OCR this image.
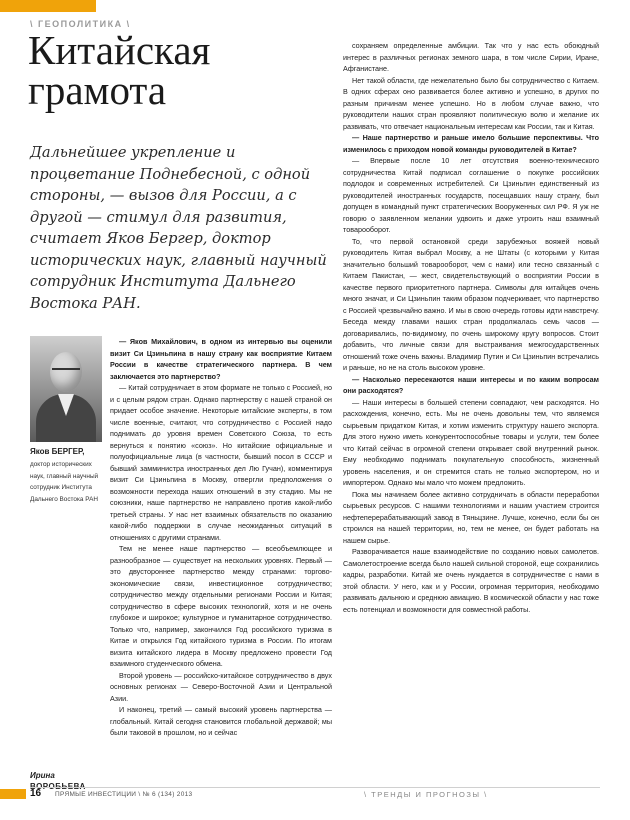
\ ГЕОПОЛИТИКА \
Китайская
грамота
Дальнейшее укрепление и процветание Поднебесной, с одной стороны, — вызов для России, а с другой — стимул для развития, считает Яков Бергер, доктор исторических наук, главный научный сотрудник Института Дальнего Востока РАН.
Яков БЕРГЕР,
доктор исторических наук, главный научный сотрудник Института Дальнего Востока РАН
Ирина

— Яков Михайлович, в одном из интервью вы оценили визит Си Цзиньпина в нашу страну как восприятие Китаем России в качестве стратегического партнера. В чем заключается это партнерство?

— Китай сотрудничает в этом формате не только с Россией, но и с целым рядом стран. Однако партнерству с нашей страной он придает особое значение. Некоторые китайские эксперты, в том числе военные, считают, что сотрудничество с Россией надо поднимать до уровня времен Советского Союза, то есть вернуться к понятию «союз». Но китайские официальные и полуофициальные лица (в частности, бывший посол в СССР и бывший замминистра иностранных дел Лю Гучан), комментируя визит Си Цзиньпина в Москву, отвергли предположения о возможности перехода наших отношений в эту стадию. Мы не союзники, наше партнерство не направлено против какой-либо третьей страны. У нас нет взаимных обязательств по оказанию какой-либо поддержки в случае неожиданных ситуаций в отношениях с другими странами.

Тем не менее наше партнерство — всеобъемлющее и разнообразное — существует на нескольких уровнях. Первый — это двустороннее партнерство между странами: торгово-экономические связи, инвестиционное сотрудничество; сотрудничество между отдельными регионами России и Китая; сотрудничество в сфере высоких технологий, хотя и не очень глубокое и широкое; культурное и гуманитарное сотрудничество. Только что, например, закончился Год российского туризма в Китае и открылся Год китайского туризма в России. По итогам визита китайского лидера в Москву предложено провести Год взаимного студенческого обмена.

Второй уровень — российско-китайское сотрудничество в двух основных регионах — Северо-Восточной Азии и Центральной Азии.

И наконец, третий — самый высокий уровень партнерства — глобальный. Китай сегодня становится глобальной державой; мы были таковой в прошлом, но и сейчас

сохраняем определенные амбиции. Так что у нас есть обоюдный интерес в различных регионах земного шара, в том числе Сирии, Иране, Афганистане.

Нет такой области, где нежелательно было бы сотрудничество с Китаем. В одних сферах оно развивается более активно и успешно, в других по разным причинам менее успешно. Но в любом случае важно, что руководители наших стран проявляют политическую волю и желание их развивать, что отвечает национальным интересам как России, так и Китая.

— Наше партнерство и раньше имело большие перспективы. Что изменилось с приходом новой команды руководителей в Китае?

— Впервые после 10 лет отсутствия военно-технического сотрудничества Китай подписал соглашение о покупке российских подлодок и современных истребителей. Си Цзиньпин единственный из руководителей иностранных государств, посещавших нашу страну, был допущен в командный пункт стратегических Вооруженных сил РФ. Я уж не говорю о заявленном желании удвоить и даже утроить наш взаимный товарооборот.

То, что первой остановкой среди зарубежных вояжей новый руководитель Китая выбрал Москву, а не Штаты (с которыми у Китая значительно больший товарооборот, чем с нами) или тесно связанный с Китаем Пакистан, — жест, свидетельствующий о восприятии России в качестве первого приоритетного партнера. Символы для китайцев очень много значат, и Си Цзиньпин таким образом подчеркивает, что партнерство с Россией чрезвычайно важно. И мы в свою очередь готовы идти навстречу. Беседа между главами наших стран продолжалась семь часов — договаривались, по-видимому, по очень широкому кругу вопросов. Стоит добавить, что личные связи для выстраивания межгосударственных отношений тоже очень важны. Владимир Путин и Си Цзиньпин встречались и раньше, но не на столь высоком уровне.

— Насколько пересекаются наши интересы и по каким вопросам они расходятся?

— Наши интересы в большей степени совпадают, чем расходятся. Но расхождения, конечно, есть. Мы не очень довольны тем, что являемся сырьевым придатком Китая, и хотим изменить структуру нашего экспорта. Для этого нужно иметь конкурентоспособные товары и услуги, тем более что Китай сейчас в огромной степени открывает свой внутренний рынок. Ему необходимо поднимать покупательную способность, жизненный уровень населения, и он стремится стать не только экспортером, но и импортером. Однако мы мало что можем предложить.

Пока мы начинаем более активно сотрудничать в области переработки сырьевых ресурсов. С нашими технологиями и нашим участием строится нефтеперерабатывающий завод в Тяньцзине. Лучше, конечно, если бы он строился на нашей территории, но, тем не менее, он будет работать на нашем сырье.

Разворачивается наше взаимодействие по созданию новых самолетов. Самолетостроение всегда было нашей сильной стороной, еще сохранились кадры, разработки. Китай же очень нуждается в сотрудничестве с нами в этой области. У него, как и у России, огромная территория, необходимо развивать дальнюю и среднюю авиацию. В космической области у нас тоже есть потенциал и возможности для совместной работы.

16 ПРЯМЫЕ ИНВЕСТИЦИИ \ № 6 (134) 2013	\ ТРЕНДЫ И ПРОГНОЗЫ \
